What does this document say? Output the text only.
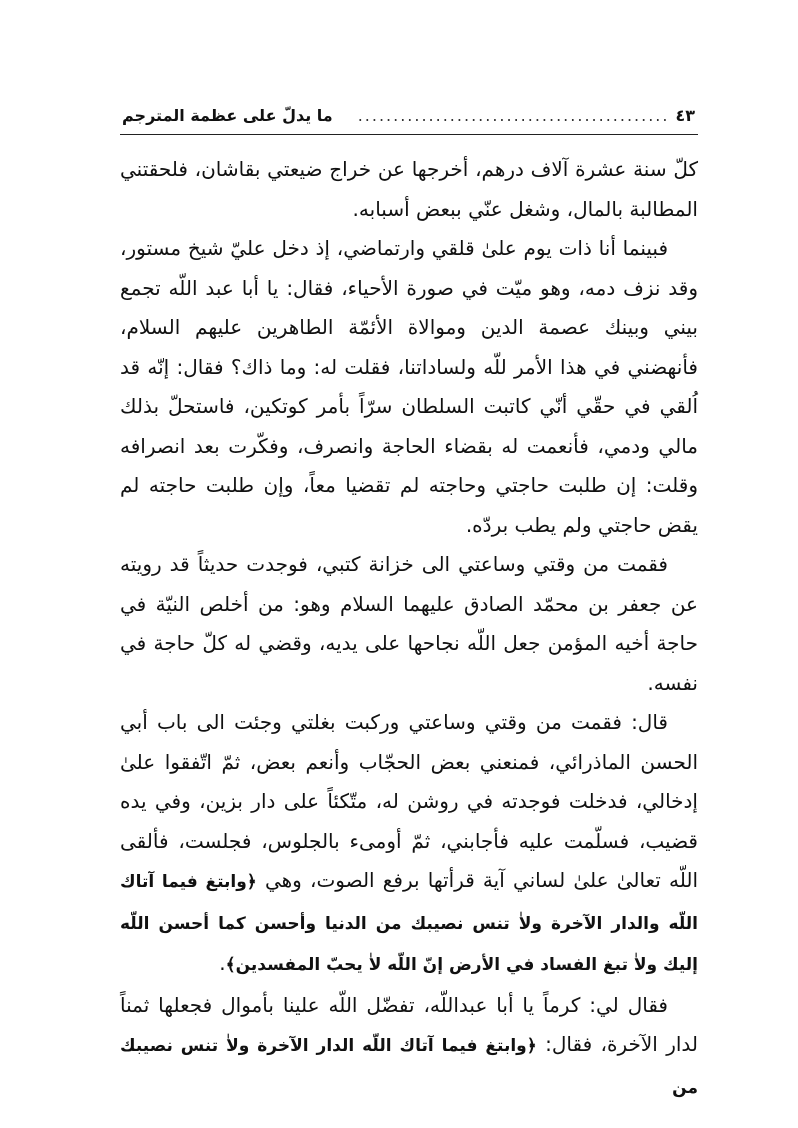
ما يدلّ على عظمة المترجم	............................................ ٤٣

كلّ سنة عشرة آلاف درهم، أخرجها عن خراج ضيعتي بقاشان، فلحقتني المطالبة بالمال، وشغل عنّي ببعض أسبابه.

فبينما أنا ذات يوم علىٰ قلقي وارتماضي، إذ دخل عليّ شيخ مستور، وقد نزف دمه، وهو ميّت في صورة الأحياء، فقال: يا أبا عبد اللّه تجمع بيني وبينك عصمة الدين وموالاة الأئمّة الطاهرين عليهم السلام، فأنهضني في هذا الأمر للّه ولساداتنا، فقلت له: وما ذاك؟ فقال: إنّه قد اُلقي في حقّي أنّي كاتبت السلطان سرّاً بأمر كوتكين، فاستحلّ بذلك مالي ودمي، فأنعمت له بقضاء الحاجة وانصرف، وفكّرت بعد انصرافه وقلت: إن طلبت حاجتي وحاجته لم تقضيا معاً، وإن طلبت حاجته لم يقض حاجتي ولم يطب بردّه.

فقمت من وقتي وساعتي الى خزانة كتبي، فوجدت حديثاً قد رويته عن جعفر بن محمّد الصادق عليهما السلام وهو: من أخلص النيّة في حاجة أخيه المؤمن جعل اللّه نجاحها على يديه، وقضي له كلّ حاجة في نفسه.

قال: فقمت من وقتي وساعتي وركبت بغلتي وجئت الى باب أبي الحسن الماذرائي، فمنعني بعض الحجّاب وأنعم بعض، ثمّ اتّفقوا علىٰ إدخالي، فدخلت فوجدته في روشن له، متّكئاً على دار بزين، وفي يده قضيب، فسلّمت عليه فأجابني، ثمّ أومىء بالجلوس، فجلست، فألقى اللّه تعالىٰ علىٰ لساني آية قرأتها برفع الصوت، وهي ﴿وابتغ فيما آتاك اللّه والدار الآخرة ولاٰ تنس نصيبك من الدنيا وأحسن كما أحسن اللّه إليك ولاٰ تبغ الفساد في الأرض إنّ اللّه لاٰ يحبّ المفسدين﴾.

فقال لي: كرماً يا أبا عبداللّه، تفضّل اللّه علينا بأموال فجعلها ثمناً لدار الآخرة، فقال: ﴿وابتغ فيما آتاك اللّه الدار الآخرة ولاٰ تنس نصيبك من
